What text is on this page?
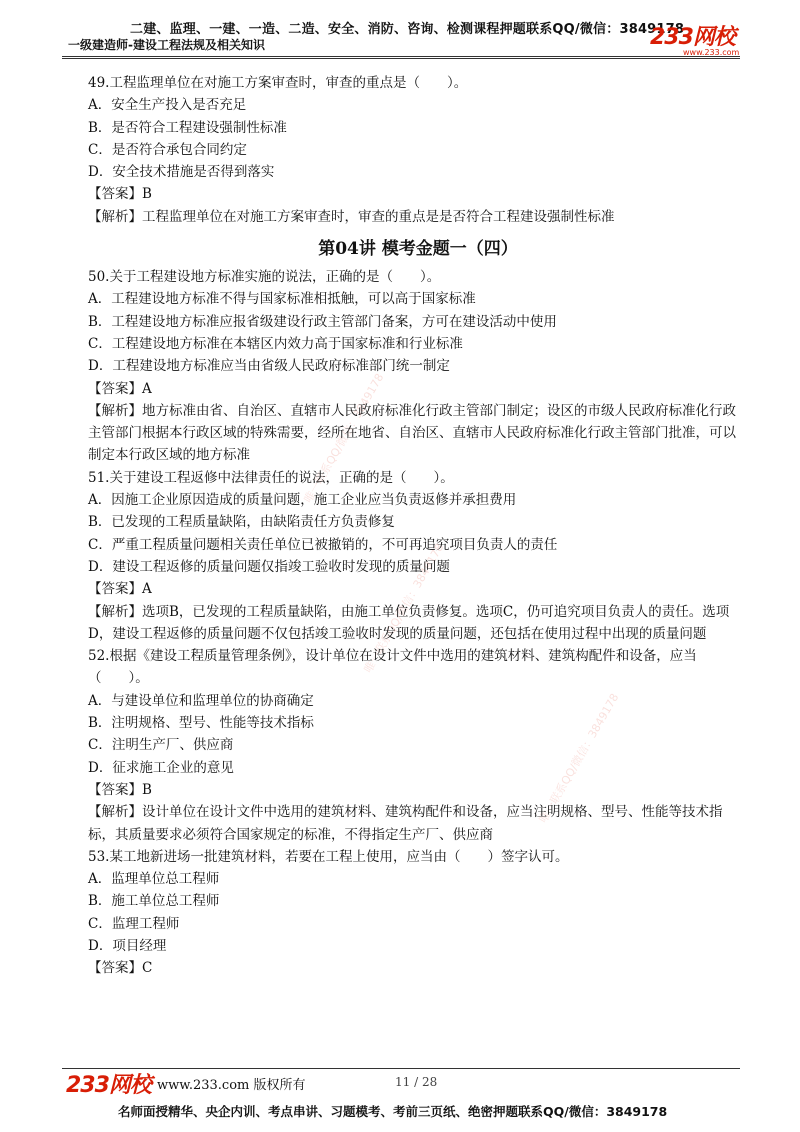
二建、监理、一建、一造、二造、安全、消防、咨询、检测课程押题联系QQ/微信：3849178
一级建造师-建设工程法规及相关知识	233网校
www.233.com
唯一联系QQ/微信：3849178
唯一联系QQ/微信：3849178
唯一联系QQ/微信：3849178
49.工程监理单位在对施工方案审查时，审查的重点是（　　）。
A．安全生产投入是否充足
B．是否符合工程建设强制性标准
C．是否符合承包合同约定
D．安全技术措施是否得到落实
【答案】B
【解析】工程监理单位在对施工方案审查时，审查的重点是是否符合工程建设强制性标准
第04讲 模考金题一（四）
50.关于工程建设地方标准实施的说法，正确的是（　　）。
A．工程建设地方标准不得与国家标准相抵触，可以高于国家标准
B．工程建设地方标准应报省级建设行政主管部门备案，方可在建设活动中使用
C．工程建设地方标准在本辖区内效力高于国家标准和行业标准
D．工程建设地方标准应当由省级人民政府标准部门统一制定
【答案】A
【解析】地方标准由省、自治区、直辖市人民政府标准化行政主管部门制定；设区的市级人民政府标准化行政主管部门根据本行政区域的特殊需要，经所在地省、自治区、直辖市人民政府标准化行政主管部门批准，可以制定本行政区域的地方标准
51.关于建设工程返修中法律责任的说法，正确的是（　　）。
A．因施工企业原因造成的质量问题，施工企业应当负责返修并承担费用
B．已发现的工程质量缺陷，由缺陷责任方负责修复
C．严重工程质量问题相关责任单位已被撤销的，不可再追究项目负责人的责任
D．建设工程返修的质量问题仅指竣工验收时发现的质量问题
【答案】A
【解析】选项B，已发现的工程质量缺陷，由施工单位负责修复。选项C，仍可追究项目负责人的责任。选项D，建设工程返修的质量问题不仅包括竣工验收时发现的质量问题，还包括在使用过程中出现的质量问题
52.根据《建设工程质量管理条例》，设计单位在设计文件中选用的建筑材料、建筑构配件和设备，应当（　　）。
A．与建设单位和监理单位的协商确定
B．注明规格、型号、性能等技术指标
C．注明生产厂、供应商
D．征求施工企业的意见
【答案】B
【解析】设计单位在设计文件中选用的建筑材料、建筑构配件和设备，应当注明规格、型号、性能等技术指标，其质量要求必须符合国家规定的标准，不得指定生产厂、供应商
53.某工地新进场一批建筑材料，若要在工程上使用，应当由（　　）签字认可。
A．监理单位总工程师
B．施工单位总工程师
C．监理工程师
D．项目经理
【答案】C
233网校 www.233.com 版权所有	11 / 28
名师面授精华、央企内训、考点串讲、习题模考、考前三页纸、绝密押题联系QQ/微信：3849178
